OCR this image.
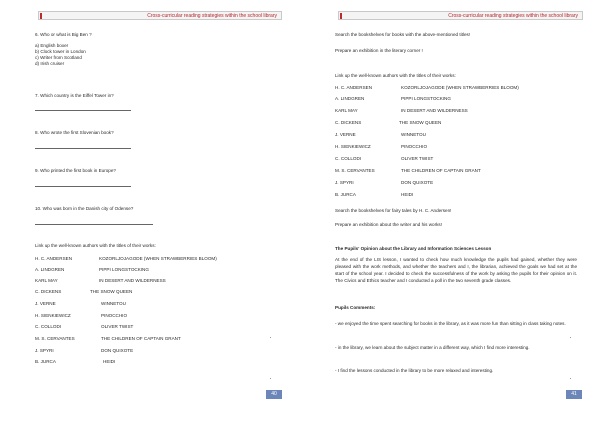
Cross-curricular reading strategies within the school library
6. Who or what is Big Ben ?
a) English boxer
b) Clock tower in London
c) Writer from Scotland
d) Irish cruiser
7. Which country is the Eiffel Tower in?
8. Who wrote the first Slovenian book?
9. Who printed the first book in Europe?
10. Who was born in the Danish city of Odense?
Link up the well-known authors with the titles of their works:
H. C. ANDERSEN	KOZORLJOJAGODE (WHEN STRAWBERRIES BLOOM)
A. LINDGREN	PIPPI LONGSTOCKING
KARL MAY	IN DESERT AND WILDERNESS
C. DICKENS	THE SNOW QUEEN
J. VERNE	WINNETOU
H. SIENKIEWICZ	PINOCCHIO
C. COLLODI	OLIVER TWIST
M. S. CERVANTES	THE CHILDREN OF CAPTAIN GRANT
J. SPYRI	DON QUIXOTE
B. JURCA	HEIDI
40
Cross-curricular reading strategies within the school library
Search the bookshelves for books with the above-mentioned titles!
Prepare an exhibition in the literary corner !
Link up the well-known authors with the titles of their works:
H. C. ANDERSEN	KOZORLJOJAGODE (WHEN STRAWBERRIES BLOOM)
A. LINDGREN	PIPPI LONGSTOCKING
KARL MAY	IN DESERT AND WILDERNESS
C. DICKENS	THE SNOW QUEEN
J. VERNE	WINNETOU
H. SIENKIEWICZ	PINOCCHIO
C. COLLODI	OLIVER TWIST
M. S. CERVANTES	THE CHILDREN OF CAPTAIN GRANT
J. SPYRI	DON QUIXOTE
B. JURCA	HEIDI
Search the bookshelves for fairy tales by H. C. Andersen!
Prepare an exhibition about the writer and his works!
The Pupils' Opinion about the Library and Information Sciences Lesson
At the end of the LIS lesson, I wanted to check how much knowledge the pupils had gained, whether they were pleased with the work methods, and whether the teachers and I, the librarian, achieved the goals we had set at the start of the school year. I decided to check the successfulness of the work by asking the pupils for their opinion on it. The Civics and Ethics teacher and I conducted a poll in the two seventh grade classes.
Pupils Comments:
- we enjoyed the time spent searching for books in the library, as it was more fun than sitting in class taking notes.
- in the library, we learn about the subject matter in a different way, which I find more interesting.
- I find the lessons conducted in the library to be more relaxed and interesting.
41
